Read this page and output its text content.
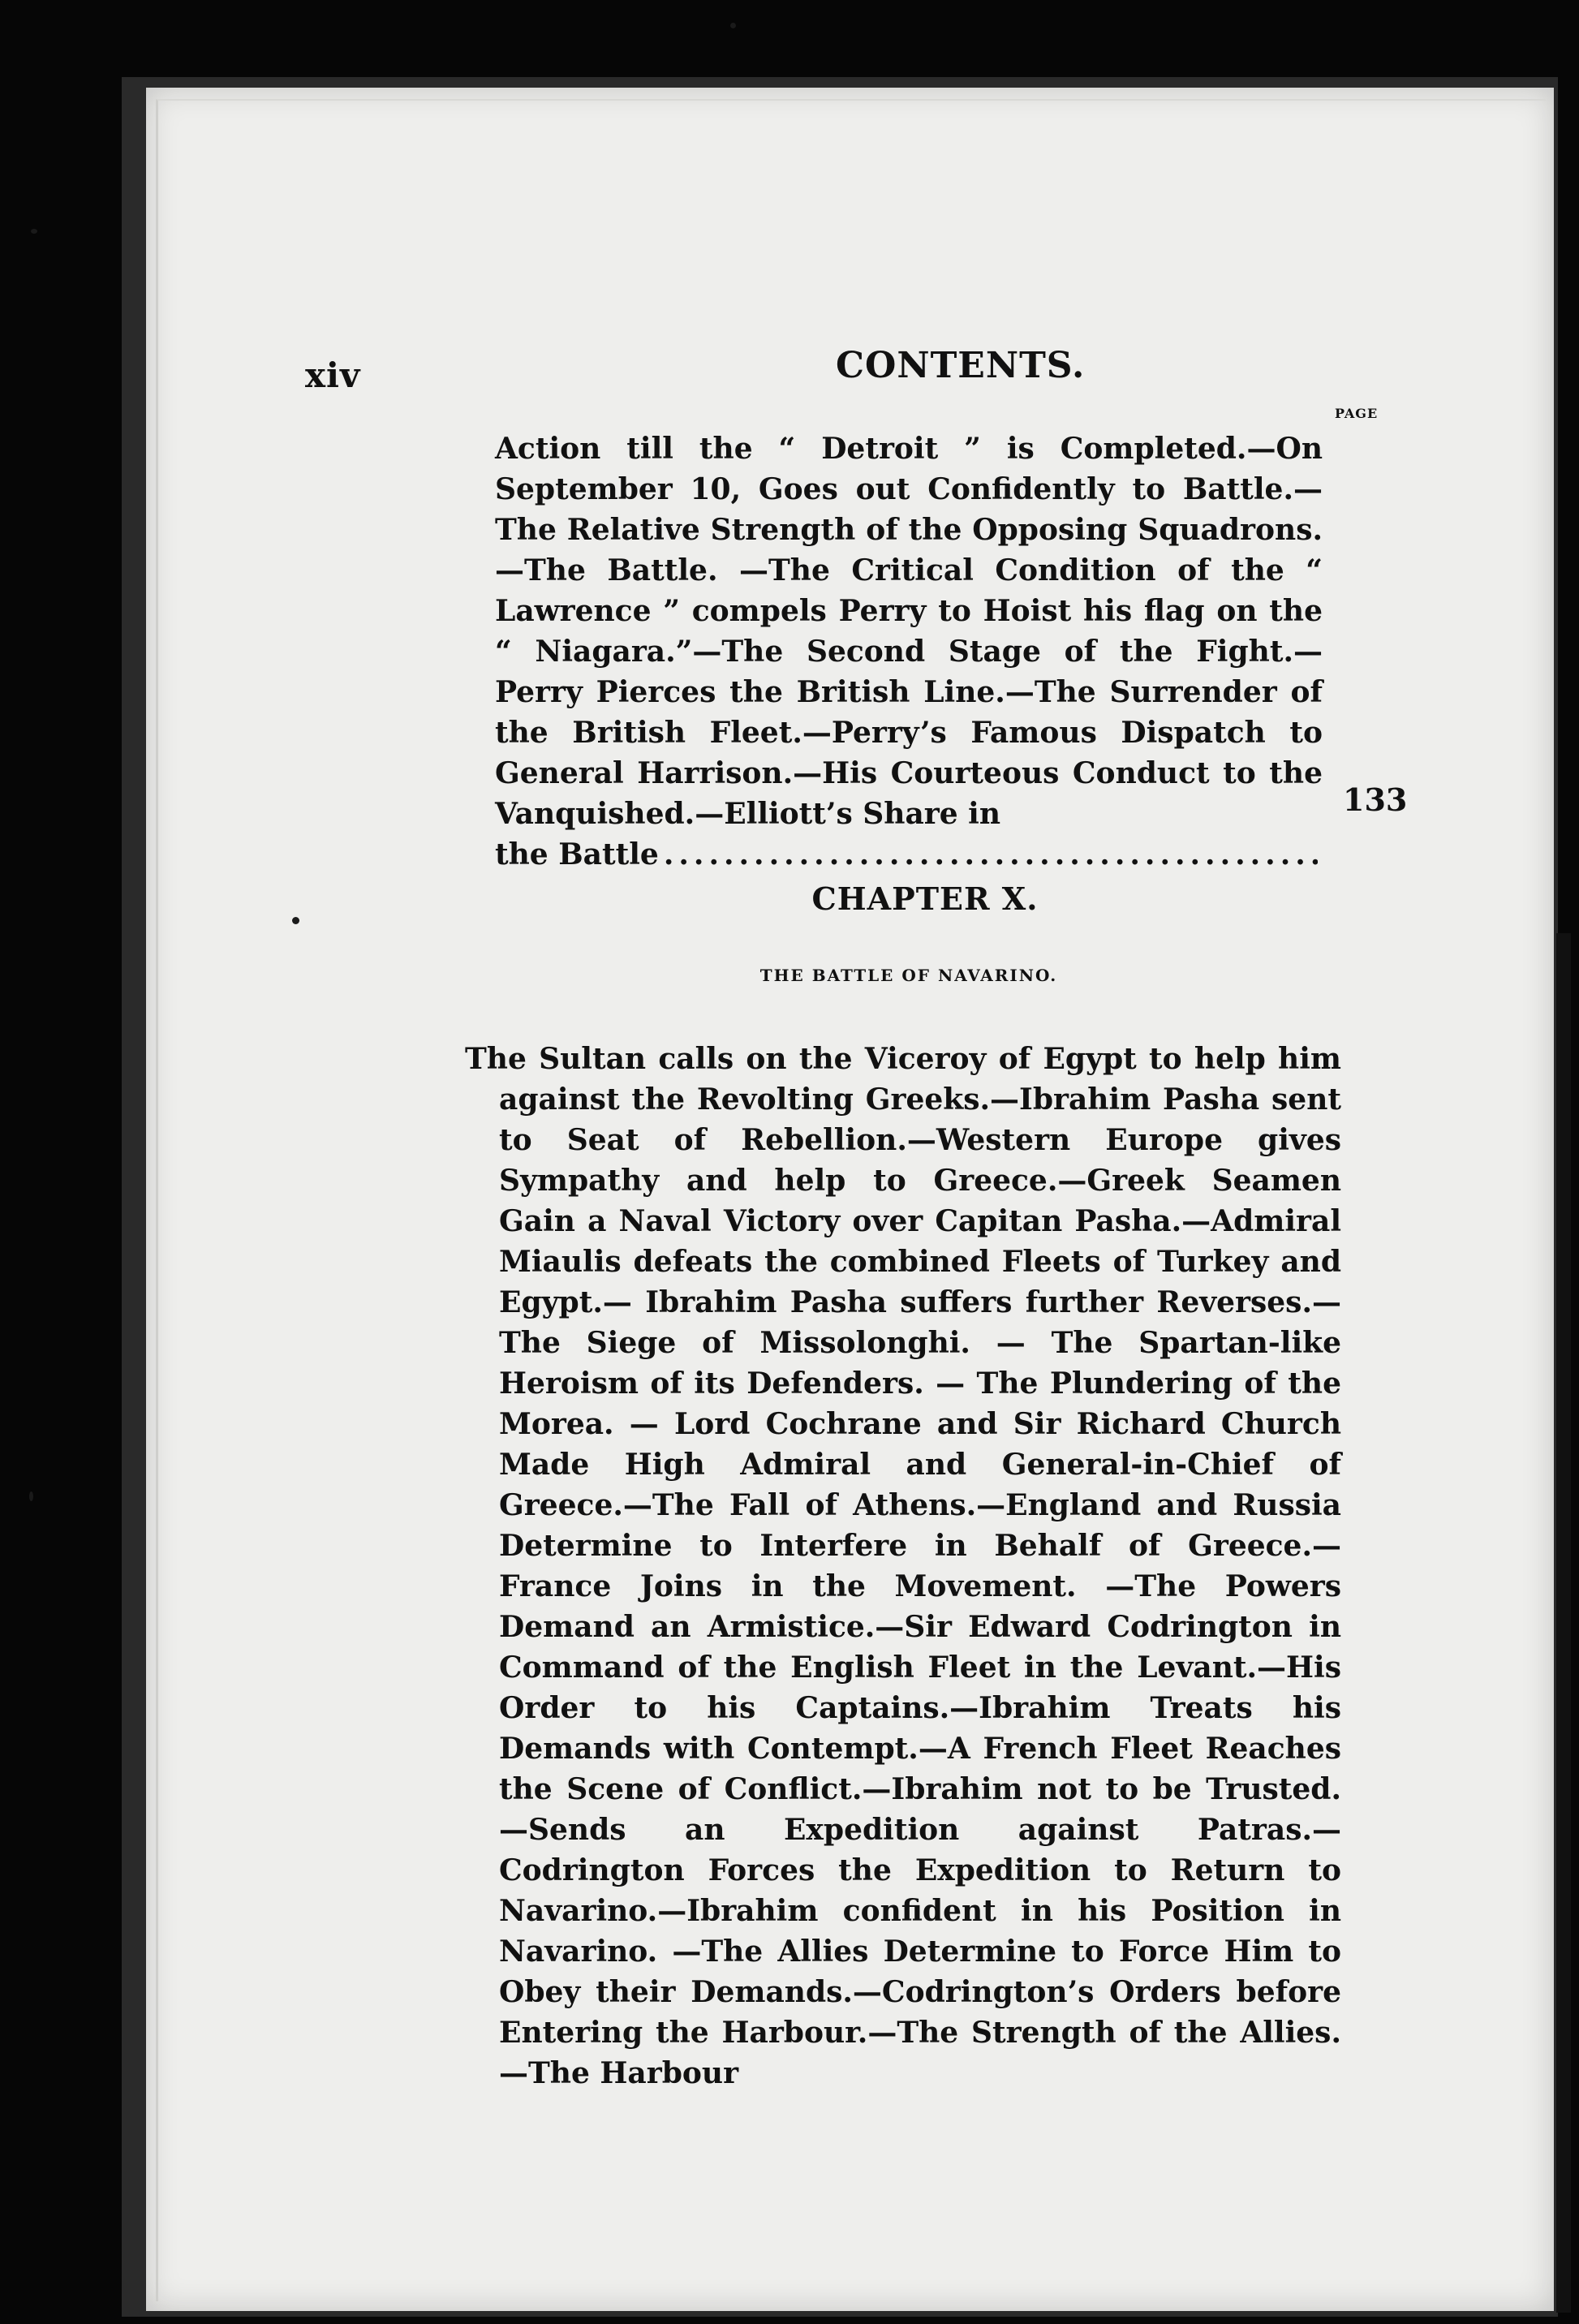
xiv	CONTENTS.
PAGE
Action till the “ Detroit ” is Completed.—On September 10, Goes out Confidently to Battle.—The Relative Strength of the Opposing Squadrons.—The Battle. —The Critical Condition of the “ Lawrence ” compels Perry to Hoist his flag on the “ Niagara.”—The Second Stage of the Fight.—Perry Pierces the British Line.—The Surrender of the British Fleet.—Perry’s Famous Dispatch to General Harrison.—His Courteous Conduct to the Vanquished.—Elliott’s Share in
the Battle
.....
133
CHAPTER X.
THE BATTLE OF NAVARINO.
The Sultan calls on the Viceroy of Egypt to help him against the Revolting Greeks.—Ibrahim Pasha sent to Seat of Rebellion.—Western Europe gives Sympathy and help to Greece.—Greek Seamen Gain a Naval Victory over Capitan Pasha.—Admiral Miaulis defeats the combined Fleets of Turkey and Egypt.— Ibrahim Pasha suffers further Reverses.—The Siege of Missolonghi. — The Spartan-like Heroism of its Defenders. — The Plundering of the Morea. — Lord Cochrane and Sir Richard Church Made High Admiral and General-in-Chief of Greece.—The Fall of Athens.—England and Russia Determine to Interfere in Behalf of Greece.—France Joins in the Movement. —The Powers Demand an Armistice.—Sir Edward Codrington in Command of the English Fleet in the Levant.—His Order to his Captains.—Ibrahim Treats his Demands with Contempt.—A French Fleet Reaches the Scene of Conflict.—Ibrahim not to be Trusted.—Sends an Expedition against Patras.— Codrington Forces the Expedition to Return to Navarino.—Ibrahim confident in his Position in Navarino. —The Allies Determine to Force Him to Obey their Demands.—Codrington’s Orders before Entering the Harbour.—The Strength of the Allies.—The Harbour
